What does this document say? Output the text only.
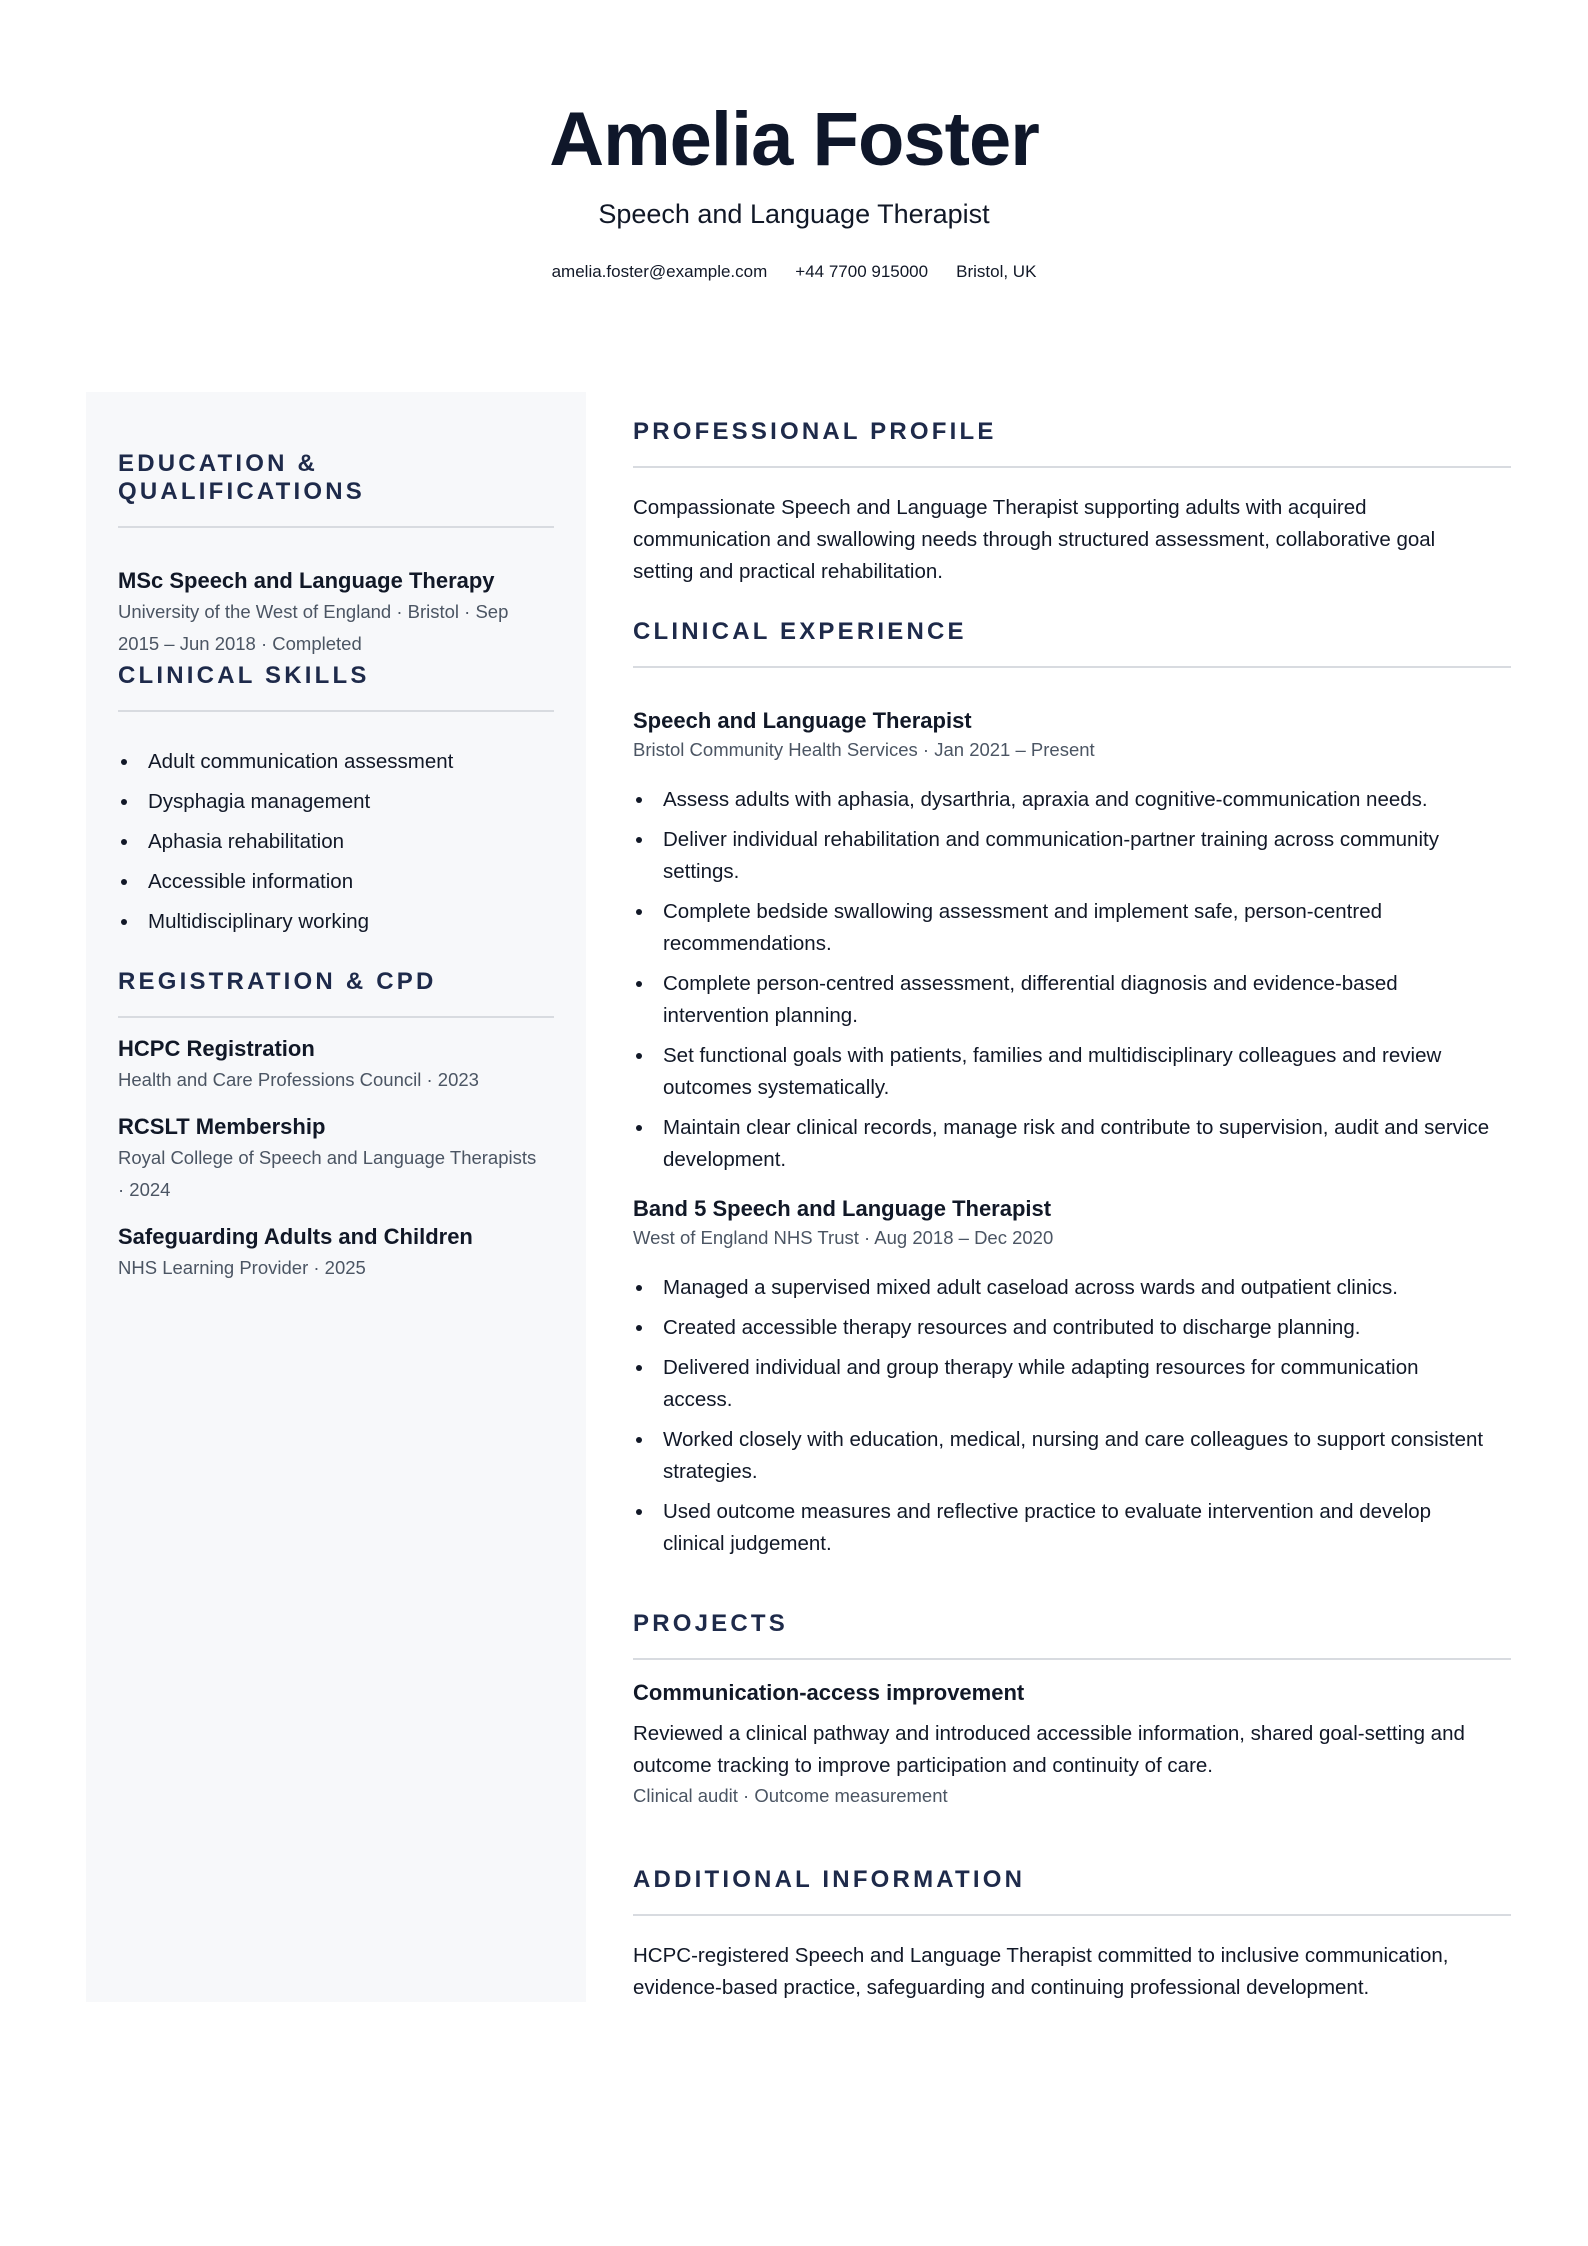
Amelia Foster
Speech and Language Therapist
amelia.foster@example.com +44 7700 915000 Bristol, UK
EDUCATION & QUALIFICATIONS
MSc Speech and Language Therapy
University of the West of England · Bristol · Sep
2015 – Jun 2018 · Completed
CLINICAL SKILLS
Adult communication assessment
Dysphagia management
Aphasia rehabilitation
Accessible information
Multidisciplinary working
REGISTRATION & CPD
HCPC Registration
Health and Care Professions Council · 2023
RCSLT Membership
Royal College of Speech and Language Therapists
· 2024
Safeguarding Adults and Children
NHS Learning Provider · 2025
PROFESSIONAL PROFILE
Compassionate Speech and Language Therapist supporting adults with acquired
communication and swallowing needs through structured assessment, collaborative goal
setting and practical rehabilitation.
CLINICAL EXPERIENCE
Speech and Language Therapist
Bristol Community Health Services · Jan 2021 – Present
Assess adults with aphasia, dysarthria, apraxia and cognitive-communication needs.
Deliver individual rehabilitation and communication-partner training across community
settings.
Complete bedside swallowing assessment and implement safe, person-centred
recommendations.
Complete person-centred assessment, differential diagnosis and evidence-based
intervention planning.
Set functional goals with patients, families and multidisciplinary colleagues and review
outcomes systematically.
Maintain clear clinical records, manage risk and contribute to supervision, audit and service
development.
Band 5 Speech and Language Therapist
West of England NHS Trust · Aug 2018 – Dec 2020
Managed a supervised mixed adult caseload across wards and outpatient clinics.
Created accessible therapy resources and contributed to discharge planning.
Delivered individual and group therapy while adapting resources for communication
access.
Worked closely with education, medical, nursing and care colleagues to support consistent
strategies.
Used outcome measures and reflective practice to evaluate intervention and develop
clinical judgement.
PROJECTS
Communication-access improvement
Reviewed a clinical pathway and introduced accessible information, shared goal-setting and
outcome tracking to improve participation and continuity of care.
Clinical audit · Outcome measurement
ADDITIONAL INFORMATION
HCPC-registered Speech and Language Therapist committed to inclusive communication,
evidence-based practice, safeguarding and continuing professional development.
